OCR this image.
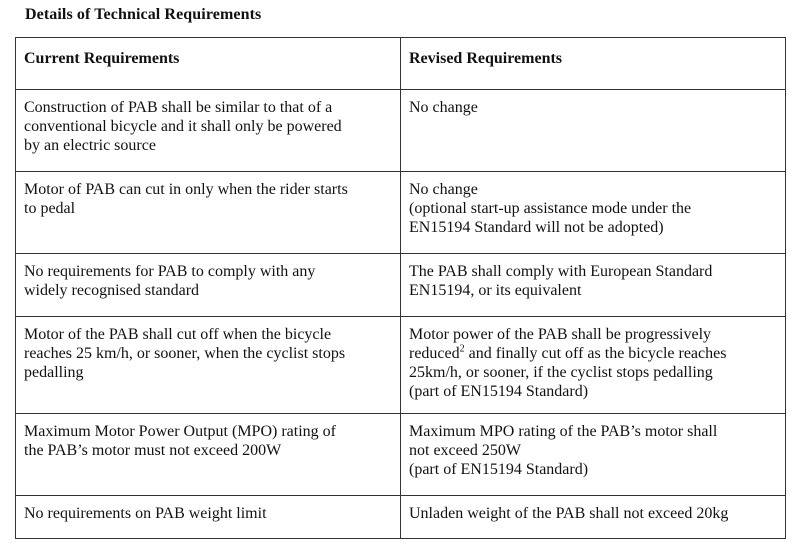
Details of Technical Requirements
Current Requirements	Revised Requirements

Construction of PAB shall be similar to that of a
conventional bicycle and it shall only be powered
by an electric source	No change

Motor of PAB can cut in only when the rider starts
to pedal	No change
(optional start-up assistance mode under the
EN15194 Standard will not be adopted)

No requirements for PAB to comply with any
widely recognised standard	The PAB shall comply with European Standard
EN15194, or its equivalent

Motor of the PAB shall cut off when the bicycle
reaches 25 km/h, or sooner, when the cyclist stops
pedalling	Motor power of the PAB shall be progressively
reduced$^2$ and finally cut off as the bicycle reaches
25km/h, or sooner, if the cyclist stops pedalling
(part of EN15194 Standard)

Maximum Motor Power Output (MPO) rating of
the PAB’s motor must not exceed 200W	Maximum MPO rating of the PAB’s motor shall
not exceed 250W
(part of EN15194 Standard)

No requirements on PAB weight limit	Unladen weight of the PAB shall not exceed 20kg
